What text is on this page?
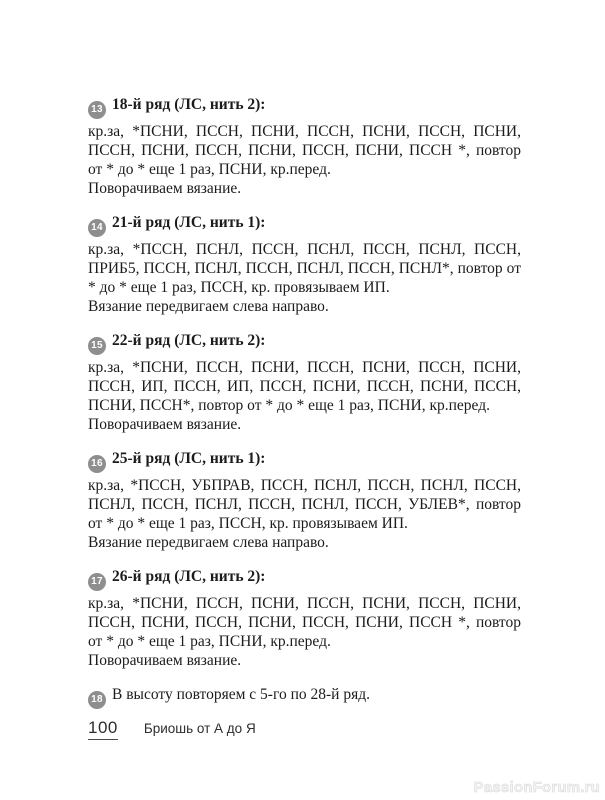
13 18-й ряд (ЛС, нить 2):

кр.за, *ПСНИ, ПССН, ПСНИ, ПССН, ПСНИ, ПССН, ПСНИ, ПССН, ПСНИ, ПССН, ПСНИ, ПССН, ПСНИ, ПССН *, повтор от * до * еще 1 раз, ПСНИ, кр.перед.

Поворачиваем вязание.

14 21-й ряд (ЛС, нить 1):

кр.за, *ПССН, ПСНЛ, ПССН, ПСНЛ, ПССН, ПСНЛ, ПССН, ПРИБ5, ПССН, ПСНЛ, ПССН, ПСНЛ, ПССН, ПСНЛ*, повтор от * до * еще 1 раз, ПССН, кр. провязываем ИП.

Вязание передвигаем слева направо.

15 22-й ряд (ЛС, нить 2):

кр.за, *ПСНИ, ПССН, ПСНИ, ПССН, ПСНИ, ПССН, ПСНИ, ПССН, ИП, ПССН, ИП, ПССН, ПСНИ, ПССН, ПСНИ, ПССН, ПСНИ, ПССН*, повтор от * до * еще 1 раз, ПСНИ, кр.перед.

Поворачиваем вязание.

16 25-й ряд (ЛС, нить 1):

кр.за, *ПССН, УБПРАВ, ПССН, ПСНЛ, ПССН, ПСНЛ, ПССН, ПСНЛ, ПССН, ПСНЛ, ПССН, ПСНЛ, ПССН, УБЛЕВ*, повтор от * до * еще 1 раз, ПССН, кр. провязываем ИП.

Вязание передвигаем слева направо.

17 26-й ряд (ЛС, нить 2):

кр.за, *ПСНИ, ПССН, ПСНИ, ПССН, ПСНИ, ПССН, ПСНИ, ПССН, ПСНИ, ПССН, ПСНИ, ПССН, ПСНИ, ПССН *, повтор от * до * еще 1 раз, ПСНИ, кр.перед.

Поворачиваем вязание.

18 В высоту повторяем с 5-го по 28-й ряд.
100 Бриошь от А до Я
PassionForum.ru
